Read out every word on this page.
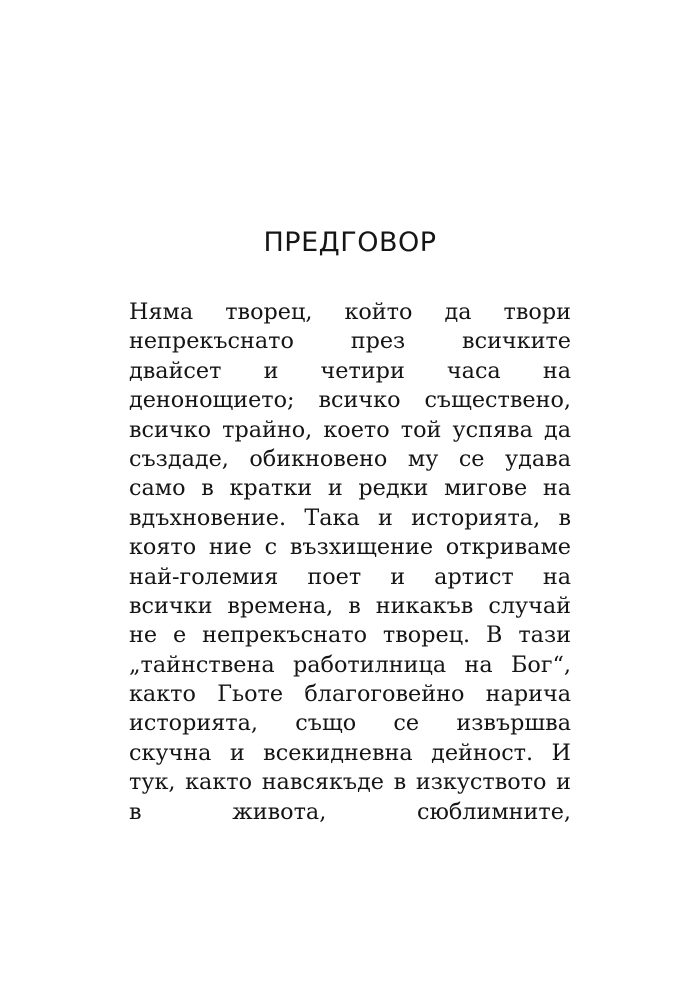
ПРЕДГОВОР
Няма творец, който да твори
непрекъснато през всичките
двайсет и четири часа на
денонощието; всичко съществено,
всичко трайно, което той успява да
създаде, обикновено му се удава
само в кратки и редки мигове на
вдъхновение. Така и историята, в
която ние с възхищение откриваме
най-големия поет и артист на
всички времена, в никакъв случай
не е непрекъснато творец. В тази
„тайнствена работилница на Бог“,
както Гьоте благоговейно нарича
историята, също се извършва
скучна и всекидневна дейност. И
тук, както навсякъде в изкуството и
в живота, сюблимните,
